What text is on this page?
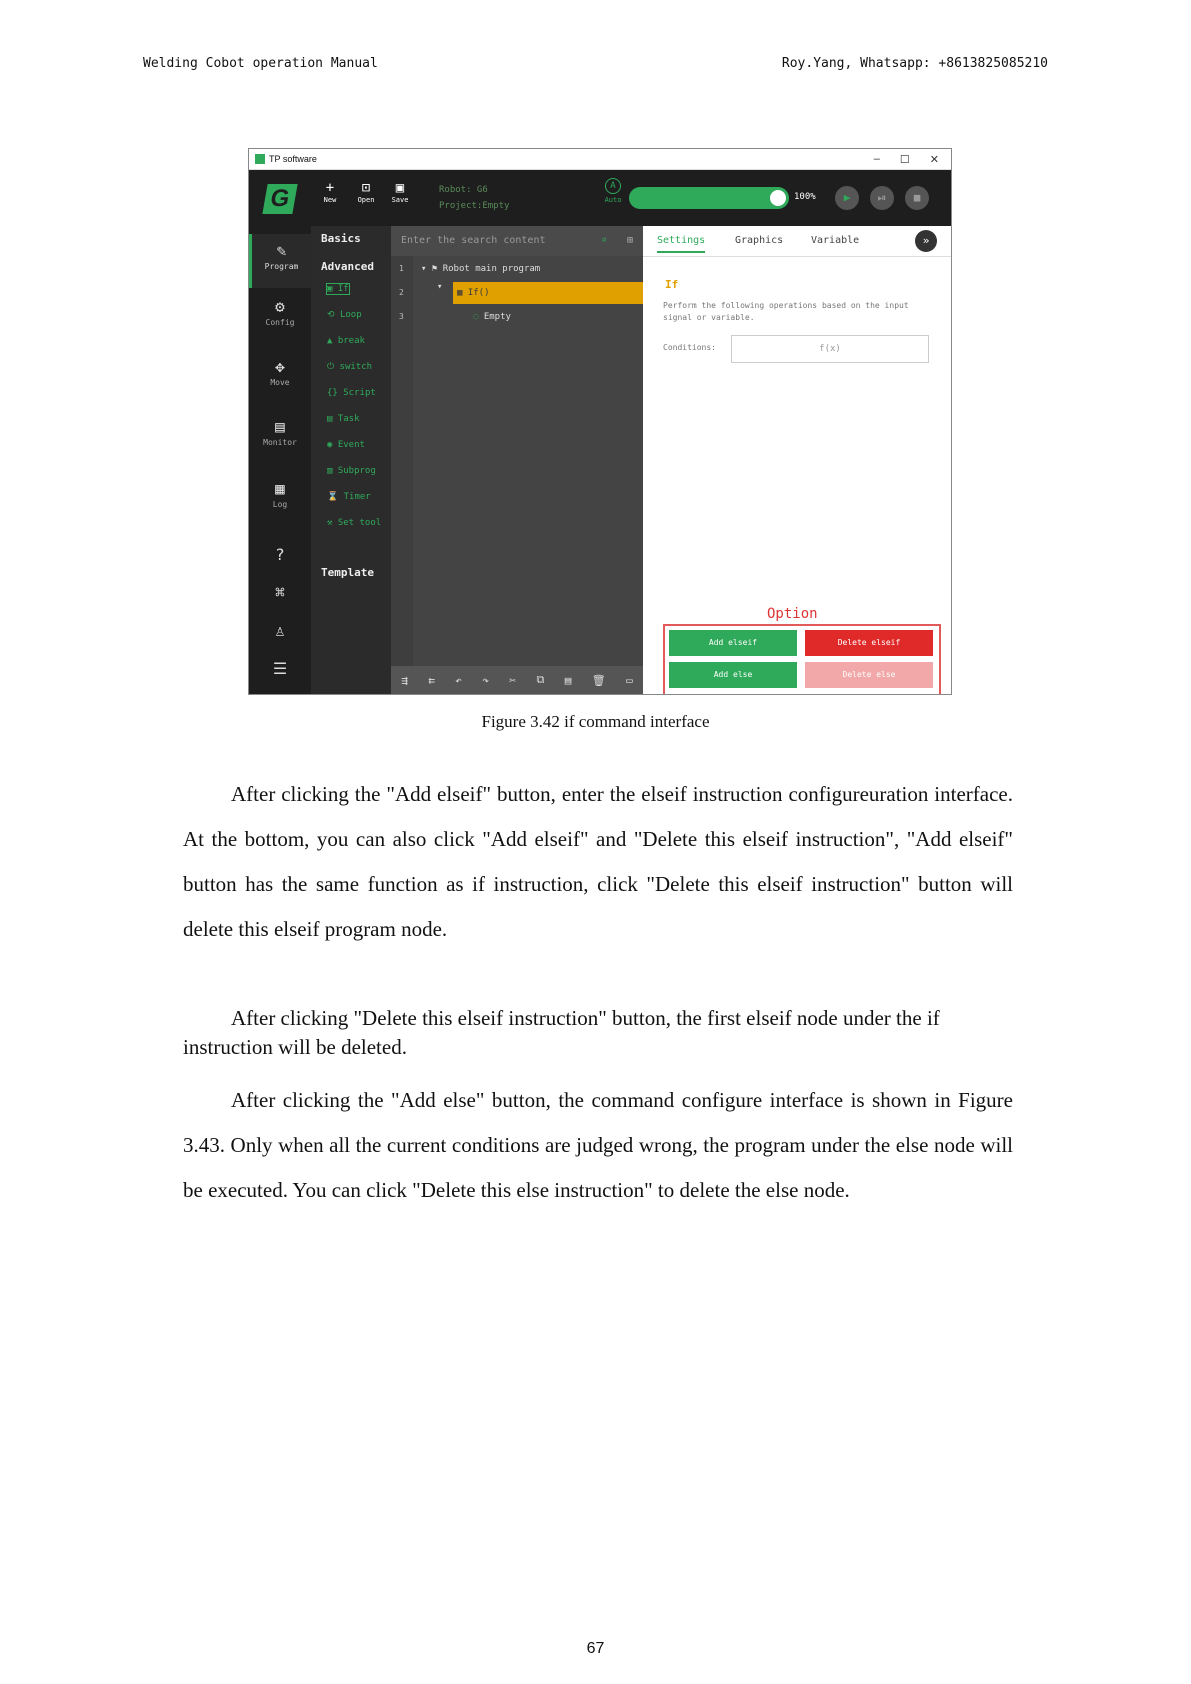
Welding Cobot operation Manual	Roy.Yang, Whatsapp: +8613825085210
TP software	– ☐ ✕
G	+
New
⊡
Open
▣
Save
Robot: G6
Project:Empty
A
Auto	100%	▶	⏯	■
✎
Program
⚙
Config
✥
Move
▤
Monitor
▦
Log
?
⌘
♙
☰
Basics
Advanced
▣ If
⟲ Loop
▲ break
⏻ switch
{} Script
▤ Task
◉ Event
▥ Subprog
⌛ Timer
⚒ Set tool
Template
Enter the search content	⌕ ⊞
1
2
3
▾ ⚑ Robot main program
▦ If()
▾
◌ Empty
⇶ ⇇ ↶ ↷ ✂ ⧉ ▤ 🗑 ▭
Settings	Graphics	Variable	»
If
Perform the following operations based on the input signal or variable.
Conditions:	f(x)
Option
Add elseif	Delete elseif
Add else	Delete else
Figure 3.42 if command interface

After clicking the "Add elseif" button, enter the elseif instruction configureuration interface. At the bottom, you can also click "Add elseif" and "Delete this elseif instruction", "Add elseif" button has the same function as if instruction, click "Delete this elseif instruction" button will delete this elseif program node.

After clicking "Delete this elseif instruction" button, the first elseif node under the if instruction will be deleted.

After clicking the "Add else" button, the command configure interface is shown in Figure 3.43. Only when all the current conditions are judged wrong, the program under the else node will be executed. You can click "Delete this else instruction" to delete the else node.

67
